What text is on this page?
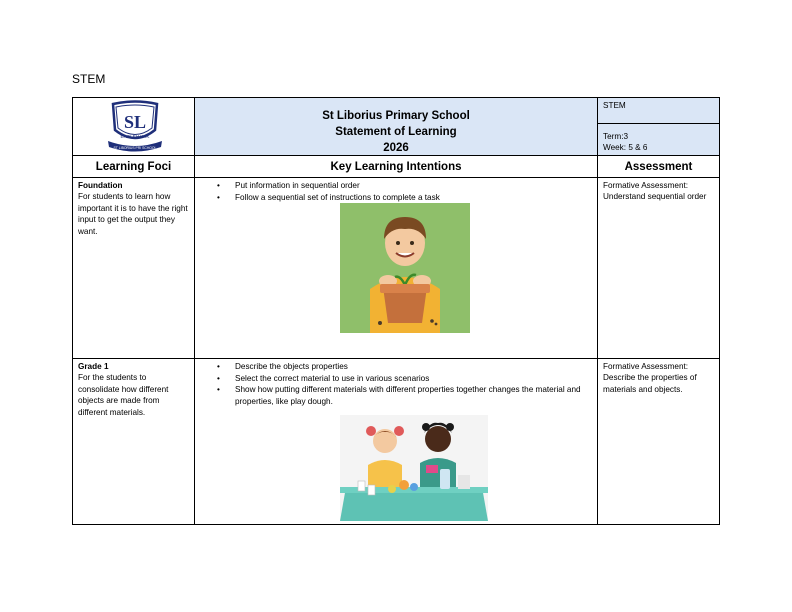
STEM
SL
EAGLEHAWK
ST LIBORIUS PRI SCHOOL
St Liborius Primary School
Statement of Learning
2026
STEM
Term:3
Week: 5 & 6
Learning Foci	Key Learning Intentions	Assessment
Foundation
For students to learn how important it is to have the right input to get the output they want.
• Put information in sequential order
• Follow a sequential set of instructions to complete a task
Formative Assessment:
Understand sequential order
Grade 1
For the students to consolidate how different objects are made from different materials.
• Describe the objects properties
• Select the correct material to use in various scenarios
• Show how putting different materials with different properties together changes the material and properties, like play dough.
Formative Assessment:
Describe the properties of materials and objects.
